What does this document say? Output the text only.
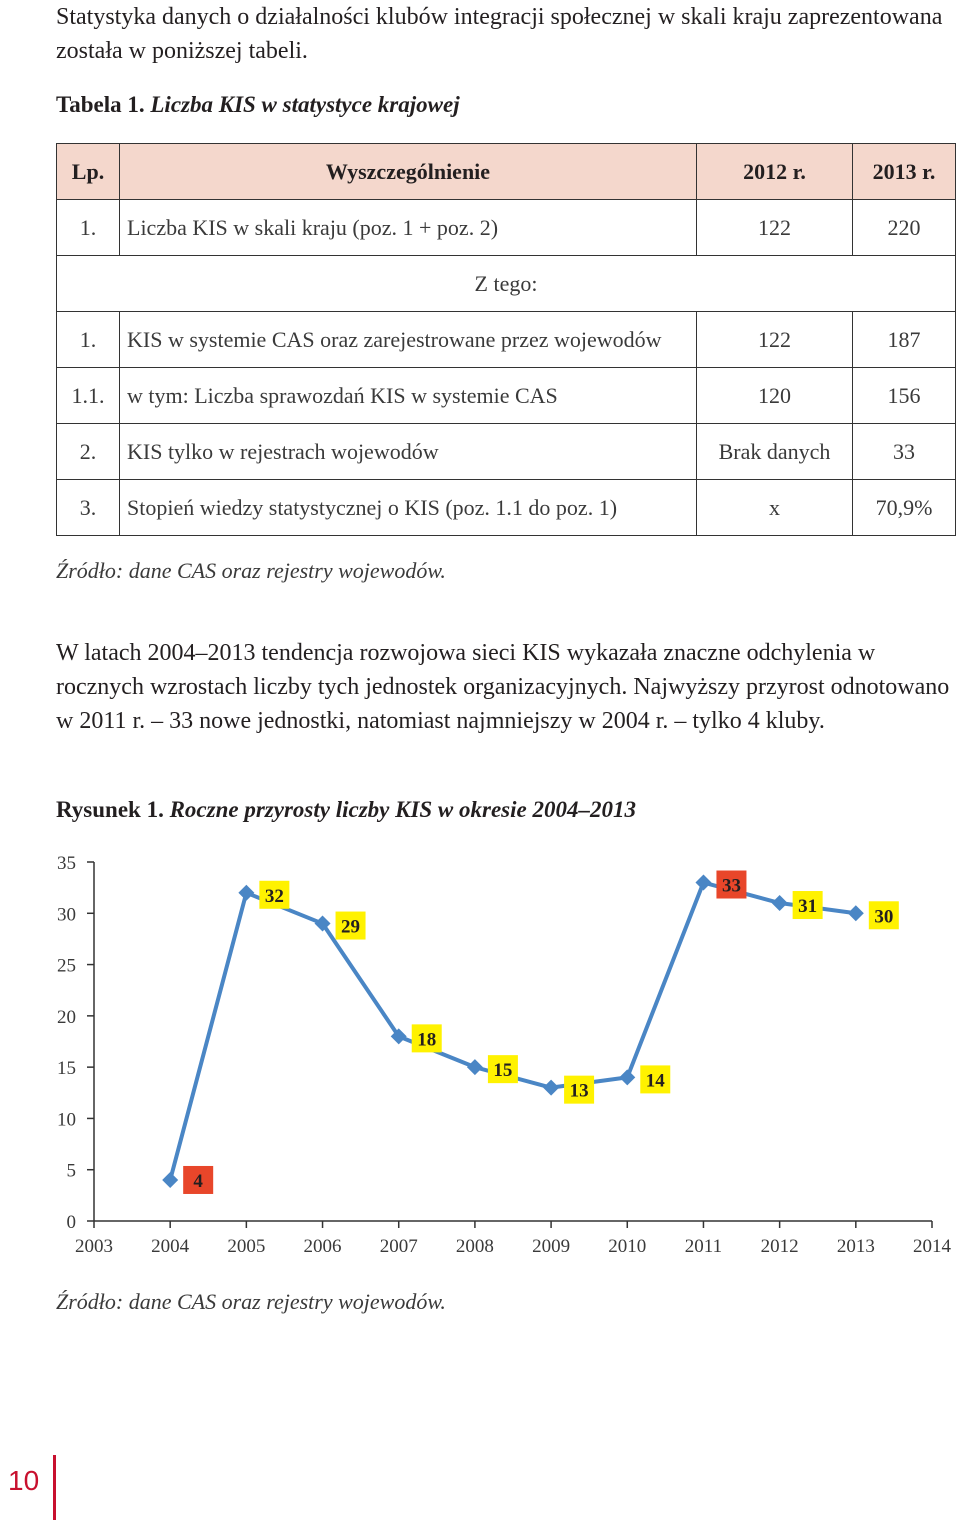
Statystyka danych o działalności klubów integracji społecznej w skali kraju zaprezentowana została w poniższej tabeli.

Tabela 1. Liczba KIS w statystyce krajowej

Lp.	Wyszczególnienie	2012 r.	2013 r.
1.	Liczba KIS w skali kraju (poz. 1 + poz. 2)	122	220
Z tego:			
1.	KIS w systemie CAS oraz zarejestrowane przez wojewodów	122	187
1.1.	w tym: Liczba sprawozdań KIS w systemie CAS	120	156
2.	KIS tylko w rejestrach wojewodów	Brak danych	33
3.	Stopień wiedzy statystycznej o KIS (poz. 1.1 do poz. 1)	x	70,9%

Źródło: dane CAS oraz rejestry wojewodów.

W latach 2004–2013 tendencja rozwojowa sieci KIS wykazała znaczne odchylenia w rocznych wzrostach liczby tych jednostek organizacyjnych. Najwyższy przyrost odnotowano w 2011 r. – 33 nowe jednostki, natomiast najmniejszy w 2004 r. – tylko 4 kluby.

Rysunek 1. Roczne przyrosty liczby KIS w okresie 2004–2013

0
5
10
15
20
25
30
35
2003 2004 2005 2006 2007 2008 2009 2010 2011 2012 2013 2014
4
32
29
18
15
13	14
33
31	30

Źródło: dane CAS oraz rejestry wojewodów.

10
